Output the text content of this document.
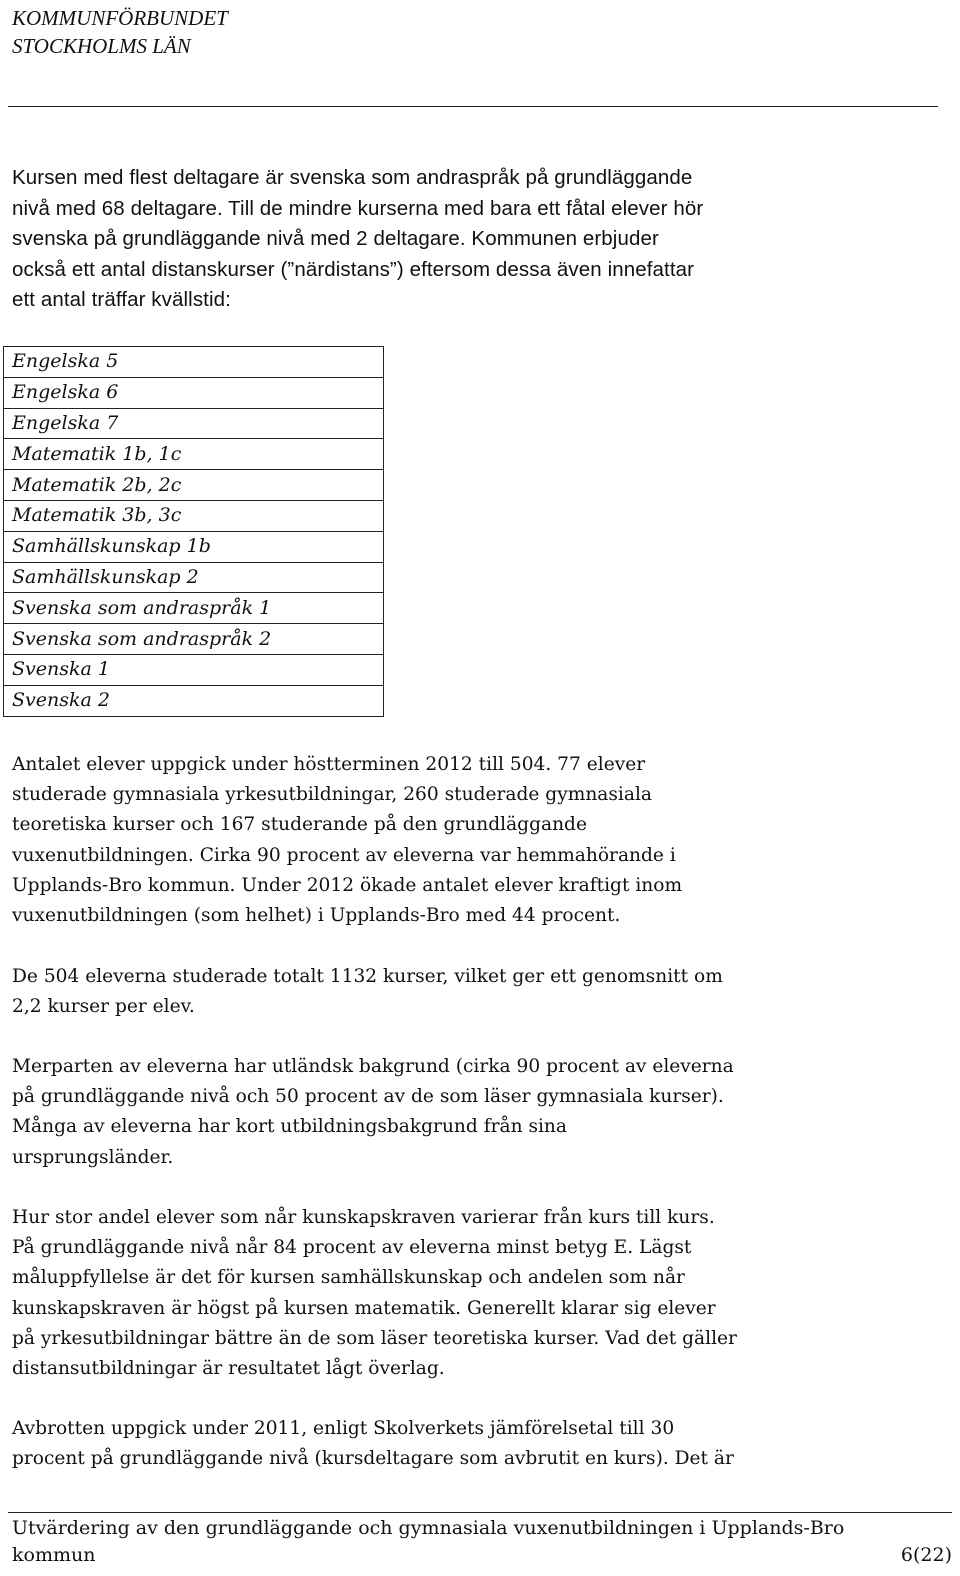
KOMMUNFÖRBUNDET
STOCKHOLMS LÄN
Kursen med flest deltagare är svenska som andraspråk på grundläggande
nivå med 68 deltagare. Till de mindre kurserna med bara ett fåtal elever hör
svenska på grundläggande nivå med 2 deltagare. Kommunen erbjuder
också ett antal distanskurser (”närdistans”) eftersom dessa även innefattar
ett antal träffar kvällstid:
Engelska 5
Engelska 6
Engelska 7
Matematik 1b, 1c
Matematik 2b, 2c
Matematik 3b, 3c
Samhällskunskap 1b
Samhällskunskap 2
Svenska som andraspråk 1
Svenska som andraspråk 2
Svenska 1
Svenska 2
Antalet elever uppgick under höstterminen 2012 till 504. 77 elever
studerade gymnasiala yrkesutbildningar, 260 studerade gymnasiala
teoretiska kurser och 167 studerande på den grundläggande
vuxenutbildningen. Cirka 90 procent av eleverna var hemmahörande i
Upplands-Bro kommun. Under 2012 ökade antalet elever kraftigt inom
vuxenutbildningen (som helhet) i Upplands-Bro med 44 procent.
De 504 eleverna studerade totalt 1132 kurser, vilket ger ett genomsnitt om
2,2 kurser per elev.
Merparten av eleverna har utländsk bakgrund (cirka 90 procent av eleverna
på grundläggande nivå och 50 procent av de som läser gymnasiala kurser).
Många av eleverna har kort utbildningsbakgrund från sina
ursprungsländer.
Hur stor andel elever som når kunskapskraven varierar från kurs till kurs.
På grundläggande nivå når 84 procent av eleverna minst betyg E. Lägst
måluppfyllelse är det för kursen samhällskunskap och andelen som når
kunskapskraven är högst på kursen matematik. Generellt klarar sig elever
på yrkesutbildningar bättre än de som läser teoretiska kurser. Vad det gäller
distansutbildningar är resultatet lågt överlag.
Avbrotten uppgick under 2011, enligt Skolverkets jämförelsetal till 30
procent på grundläggande nivå (kursdeltagare som avbrutit en kurs). Det är
Utvärdering av den grundläggande och gymnasiala vuxenutbildningen i Upplands-Bro
kommun	6(22)
